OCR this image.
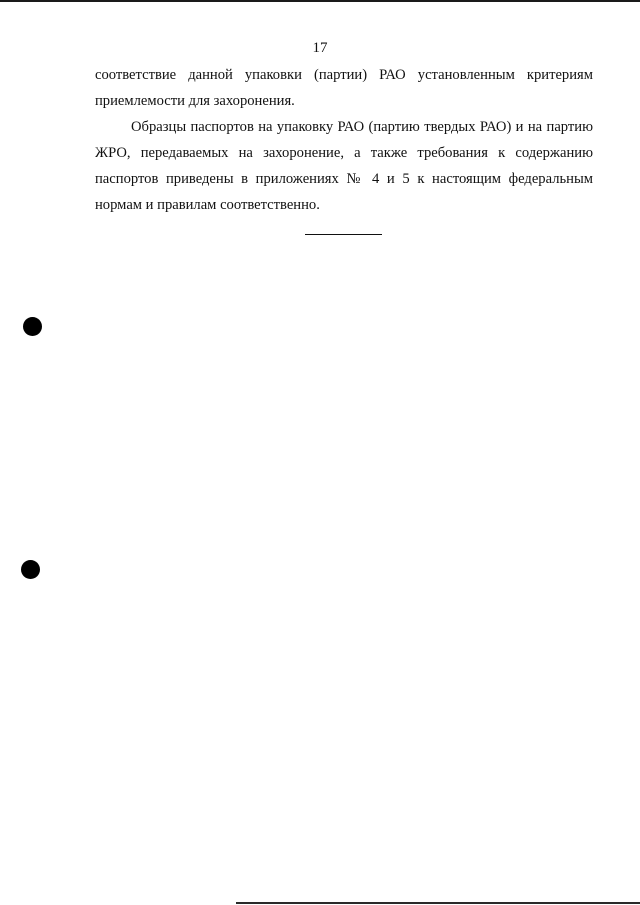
17

соответствие данной упаковки (партии) РАО установленным критериям приемлемости для захоронения.

Образцы паспортов на упаковку РАО (партию твердых РАО) и на партию ЖРО, передаваемых на захоронение, а также требования к содержанию паспортов приведены в приложениях № 4 и 5 к настоящим федеральным нормам и правилам соответственно.
